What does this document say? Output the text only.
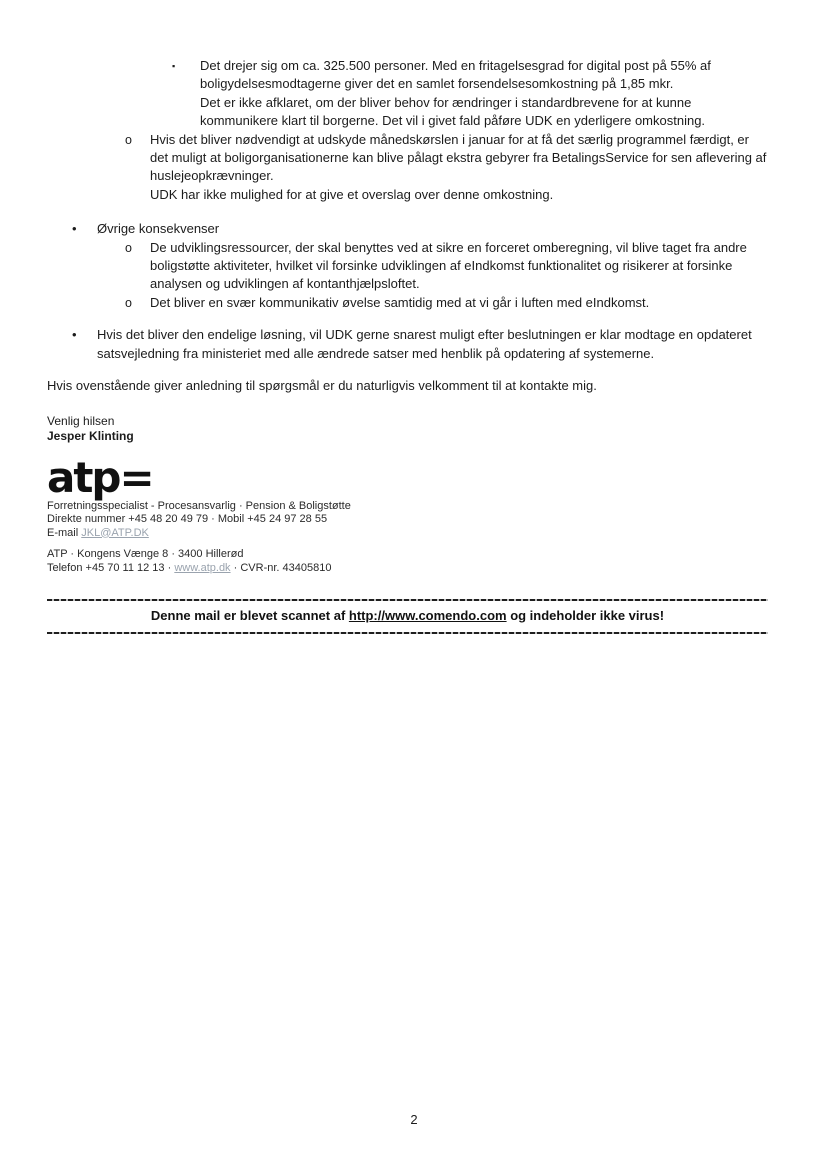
▪	Det drejer sig om ca. 325.500 personer. Med en fritagelsesgrad for digital post på 55% af boligydelsesmodtagerne giver det en samlet forsendelsesomkostning på 1,85 mkr.

Det er ikke afklaret, om der bliver behov for ændringer i standardbrevene for at kunne kommunikere klart til borgerne. Det vil i givet fald påføre UDK en yderligere omkostning.

o	Hvis det bliver nødvendigt at udskyde månedskørslen i januar for at få det særlig programmel færdigt, er det muligt at boligorganisationerne kan blive pålagt ekstra gebyrer fra BetalingsService for sen aflevering af huslejeopkrævninger.

UDK har ikke mulighed for at give et overslag over denne omkostning.

•	Øvrige konsekvenser

o	De udviklingsressourcer, der skal benyttes ved at sikre en forceret omberegning, vil blive taget fra andre boligstøtte aktiviteter, hvilket vil forsinke udviklingen af eIndkomst funktionalitet og risikerer at forsinke analysen og udviklingen af kontanthjælpsloftet.

o	Det bliver en svær kommunikativ øvelse samtidig med at vi går i luften med eIndkomst.

•	Hvis det bliver den endelige løsning, vil UDK gerne snarest muligt efter beslutningen er klar modtage en opdateret satsvejledning fra ministeriet med alle ændrede satser med henblik på opdatering af systemerne.

Hvis ovenstående giver anledning til spørgsmål er du naturligvis velkomment til at kontakte mig.

Venlig hilsen
Jesper Klinting
atp=

Forretningsspecialist - Procesansvarlig · Pension & Boligstøtte

Direkte nummer +45 48 20 49 79 · Mobil +45 24 97 28 55

E-mail JKL@ATP.DK

ATP · Kongens Vænge 8 · 3400 Hillerød

Telefon +45 70 11 12 13 · www.atp.dk · CVR-nr. 43405810

Denne mail er blevet scannet af http://www.comendo.com og indeholder ikke virus!
2
